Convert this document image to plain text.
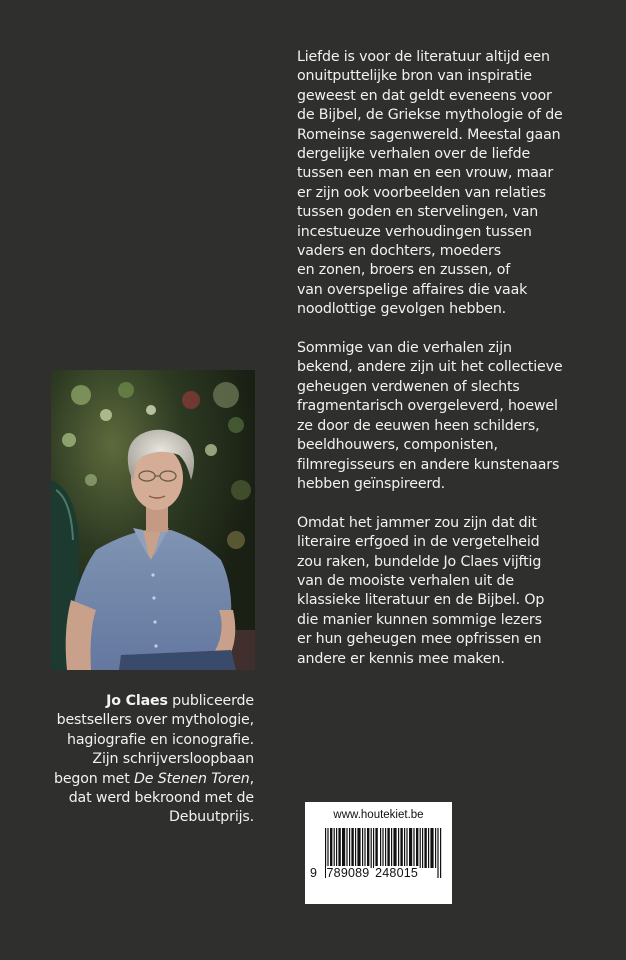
Liefde is voor de literatuur altijd een
onuitputtelijke bron van inspiratie
geweest en dat geldt eveneens voor
de Bijbel, de Griekse mythologie of de
Romeinse sagenwereld. Meestal gaan
dergelijke verhalen over de liefde
tussen een man en een vrouw, maar
er zijn ook voorbeelden van relaties
tussen goden en stervelingen, van
incestueuze verhoudingen tussen
vaders en dochters, moeders
en zonen, broers en zussen, of
van overspelige affaires die vaak
noodlottige gevolgen hebben.

Sommige van die verhalen zijn
bekend, andere zijn uit het collectieve
geheugen verdwenen of slechts
fragmentarisch overgeleverd, hoewel
ze door de eeuwen heen schilders,
beeldhouwers, componisten,
filmregisseurs en andere kunstenaars
hebben geïnspireerd.

Omdat het jammer zou zijn dat dit
literaire erfgoed in de vergetelheid
zou raken, bundelde Jo Claes vijftig
van de mooiste verhalen uit de
klassieke literatuur en de Bijbel. Op
die manier kunnen sommige lezers
er hun geheugen mee opfrissen en
andere er kennis mee maken.

Jo Claes publiceerde
bestsellers over mythologie,
hagiografie en iconografie.
Zijn schrijversloopbaan
begon met De Stenen Toren,
dat werd bekroond met de
Debuutprijs.	www.houtekiet.be
9 789089 248015
